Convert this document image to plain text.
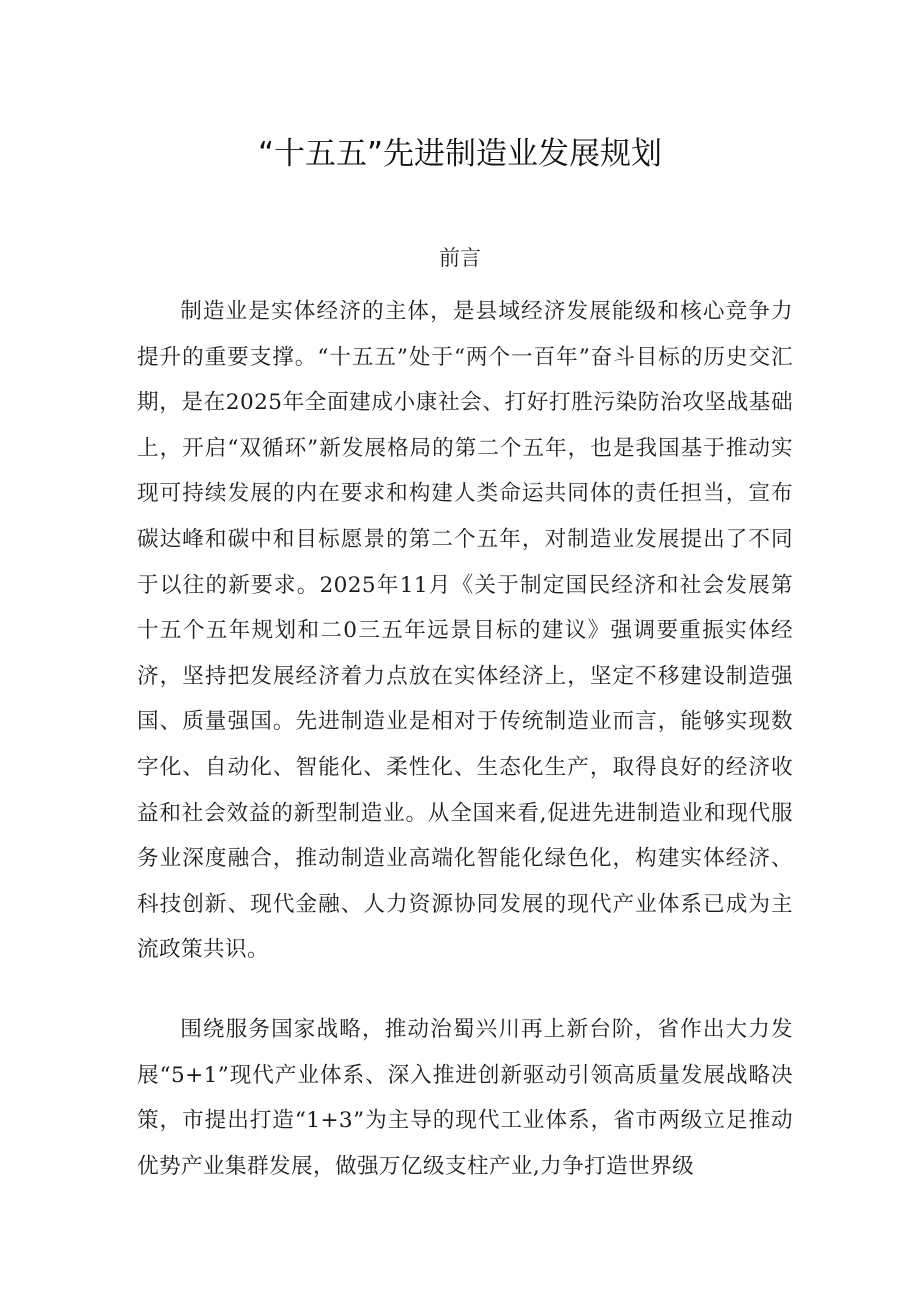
“十五五”先进制造业发展规划
前言

制造业是实体经济的主体，是县域经济发展能级和核心竞争力提升的重要支撑。“十五五”处于“两个一百年”奋斗目标的历史交汇期，是在2025年全面建成小康社会、打好打胜污染防治攻坚战基础上，开启“双循环”新发展格局的第二个五年，也是我国基于推动实现可持续发展的内在要求和构建人类命运共同体的责任担当，宣布碳达峰和碳中和目标愿景的第二个五年，对制造业发展提出了不同于以往的新要求。2025年11月《关于制定国民经济和社会发展第十五个五年规划和二0三五年远景目标的建议》强调要重振实体经济，坚持把发展经济着力点放在实体经济上，坚定不移建设制造强国、质量强国。先进制造业是相对于传统制造业而言，能够实现数字化、自动化、智能化、柔性化、生态化生产，取得良好的经济收益和社会效益的新型制造业。从全国来看,促进先进制造业和现代服务业深度融合，推动制造业高端化智能化绿色化，构建实体经济、科技创新、现代金融、人力资源协同发展的现代产业体系已成为主流政策共识。

围绕服务国家战略，推动治蜀兴川再上新台阶，省作出大力发展“5+1”现代产业体系、深入推进创新驱动引领高质量发展战略决策，市提出打造“1+3”为主导的现代工业体系，省市两级立足推动优势产业集群发展，做强万亿级支柱产业,力争打造世界级
